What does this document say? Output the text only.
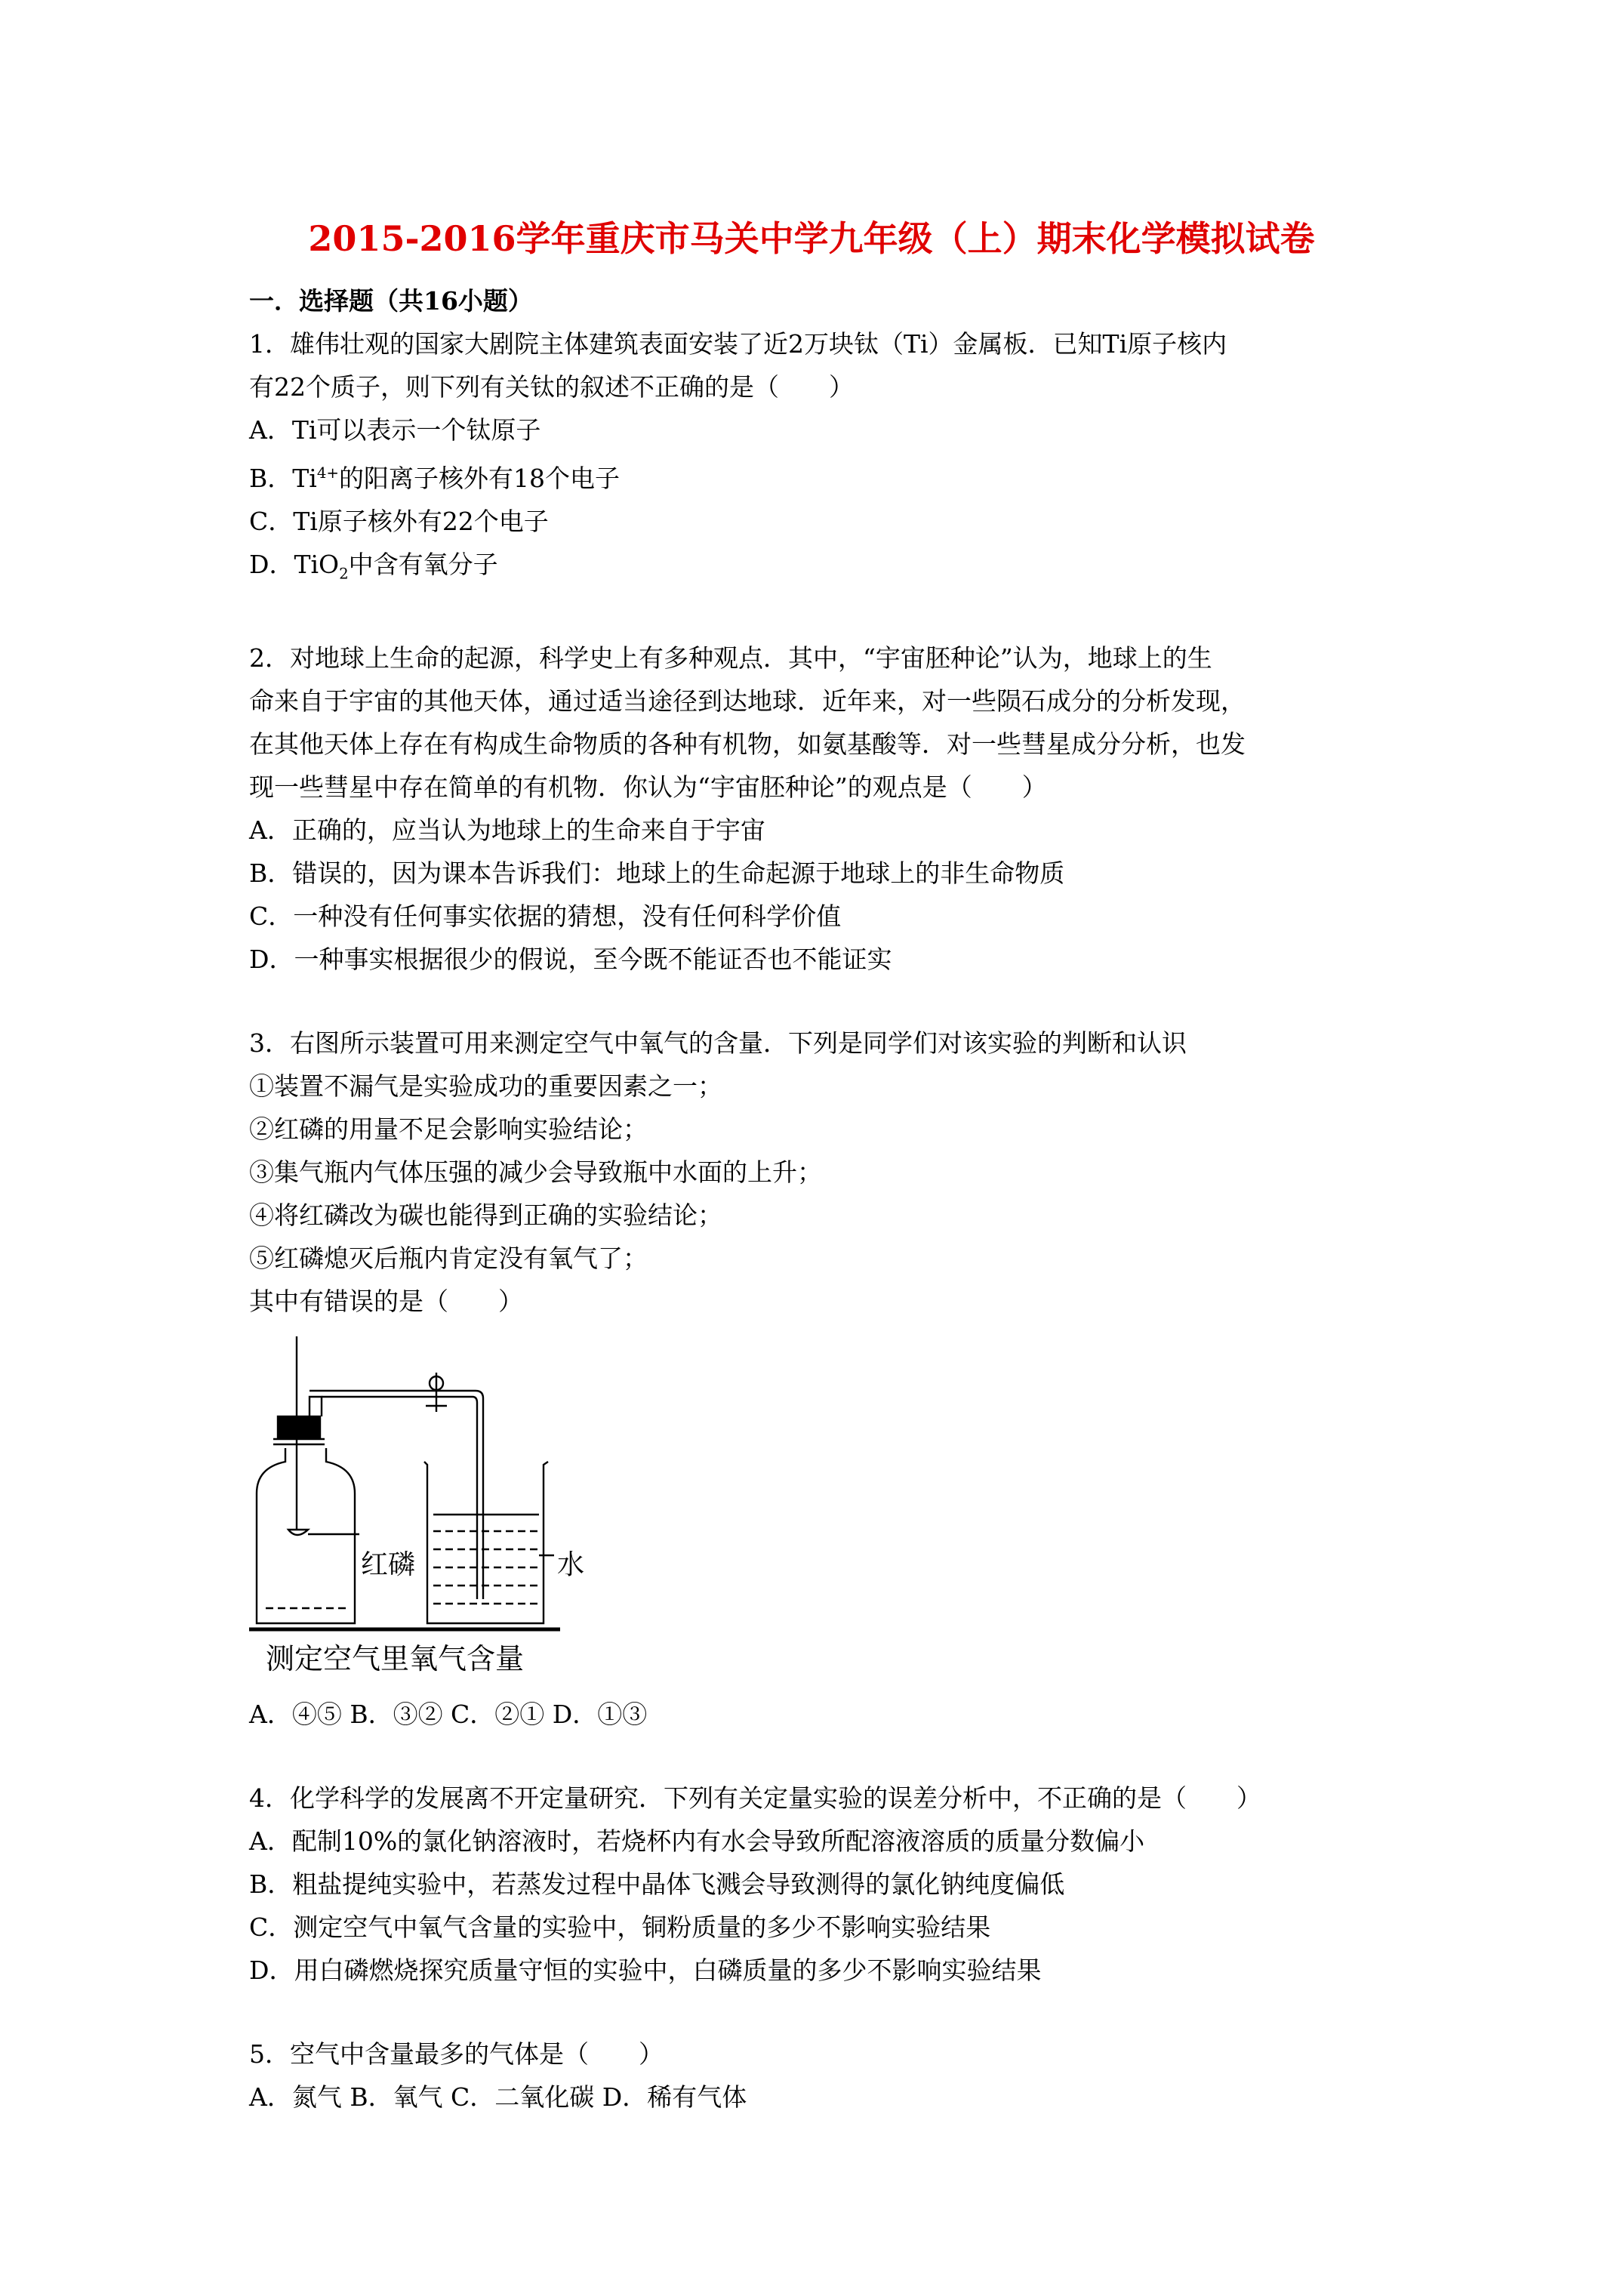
2015-2016学年重庆市马关中学九年级（上）期末化学模拟试卷
一．选择题（共16小题）
1．雄伟壮观的国家大剧院主体建筑表面安装了近2万块钛（Ti）金属板．已知Ti原子核内
有22个质子，则下列有关钛的叙述不正确的是（　　）
A．Ti可以表示一个钛原子
B．$Ti^{4+}$的阳离子核外有18个电子
C．Ti原子核外有22个电子
D．TiO$_2$中含有氧分子
2．对地球上生命的起源，科学史上有多种观点．其中，“宇宙胚种论”认为，地球上的生
命来自于宇宙的其他天体，通过适当途径到达地球．近年来，对一些陨石成分的分析发现，
在其他天体上存在有构成生命物质的各种有机物，如氨基酸等．对一些彗星成分分析，也发
现一些彗星中存在简单的有机物．你认为“宇宙胚种论”的观点是（　　）
A．正确的，应当认为地球上的生命来自于宇宙
B．错误的，因为课本告诉我们：地球上的生命起源于地球上的非生命物质
C．一种没有任何事实依据的猜想，没有任何科学价值
D．一种事实根据很少的假说，至今既不能证否也不能证实
3．右图所示装置可用来测定空气中氧气的含量．下列是同学们对该实验的判断和认识
①装置不漏气是实验成功的重要因素之一；
②红磷的用量不足会影响实验结论；
③集气瓶内气体压强的减少会导致瓶中水面的上升；
④将红磷改为碳也能得到正确的实验结论；
⑤红磷熄灭后瓶内肯定没有氧气了；
其中有错误的是（　　）
红磷	水
测定空气里氧气含量
A．④⑤ B．③② C．②① D．①③
4．化学科学的发展离不开定量研究．下列有关定量实验的误差分析中，不正确的是（　　）
A．配制10%的氯化钠溶液时，若烧杯内有水会导致所配溶液溶质的质量分数偏小
B．粗盐提纯实验中，若蒸发过程中晶体飞溅会导致测得的氯化钠纯度偏低
C．测定空气中氧气含量的实验中，铜粉质量的多少不影响实验结果
D．用白磷燃烧探究质量守恒的实验中，白磷质量的多少不影响实验结果
5．空气中含量最多的气体是（　　）
A．氮气 B．氧气 C．二氧化碳 D．稀有气体
